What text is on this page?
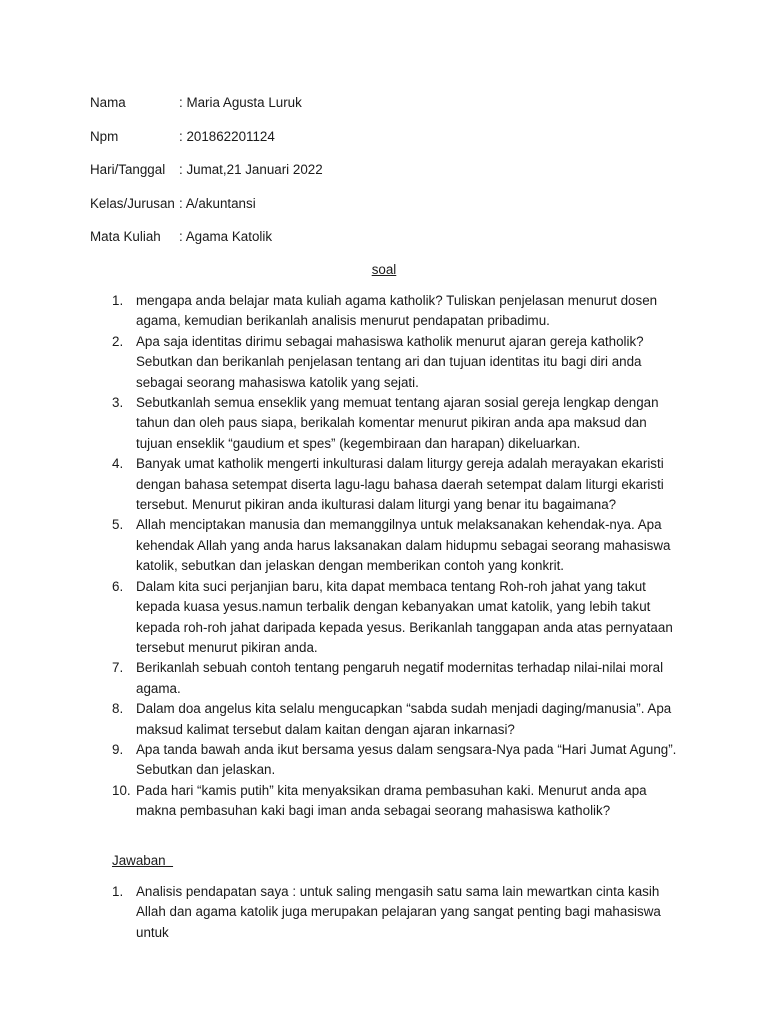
Nama	: Maria Agusta Luruk
Npm	: 201862201124
Hari/Tanggal	: Jumat,21 Januari 2022
Kelas/Jurusan : A/akuntansi
Mata Kuliah	: Agama Katolik
soal
1. mengapa anda belajar mata kuliah agama katholik? Tuliskan penjelasan menurut dosen agama, kemudian berikanlah analisis menurut pendapatan pribadimu.
2. Apa saja identitas dirimu sebagai mahasiswa katholik menurut ajaran gereja katholik? Sebutkan dan berikanlah penjelasan tentang ari dan tujuan identitas itu bagi diri anda sebagai seorang mahasiswa katolik yang sejati.
3. Sebutkanlah semua enseklik yang memuat tentang ajaran sosial gereja lengkap dengan tahun dan oleh paus siapa, berikalah komentar menurut pikiran anda apa maksud dan tujuan enseklik “gaudium et spes” (kegembiraan dan harapan) dikeluarkan.
4. Banyak umat katholik mengerti inkulturasi dalam liturgy gereja adalah merayakan ekaristi dengan bahasa setempat diserta lagu-lagu bahasa daerah setempat dalam liturgi ekaristi tersebut. Menurut pikiran anda ikulturasi dalam liturgi yang benar itu bagaimana?
5. Allah menciptakan manusia dan memanggilnya untuk melaksanakan kehendak-nya. Apa kehendak Allah yang anda harus laksanakan dalam hidupmu sebagai seorang mahasiswa katolik, sebutkan dan jelaskan dengan memberikan contoh yang konkrit.
6. Dalam kita suci perjanjian baru, kita dapat membaca tentang Roh-roh jahat yang takut kepada kuasa yesus.namun terbalik dengan kebanyakan umat katolik, yang lebih takut kepada roh-roh jahat daripada kepada yesus. Berikanlah tanggapan anda atas pernyataan tersebut menurut pikiran anda.
7. Berikanlah sebuah contoh tentang pengaruh negatif modernitas terhadap nilai-nilai moral agama.
8. Dalam doa angelus kita selalu mengucapkan “sabda sudah menjadi daging/manusia”. Apa maksud kalimat tersebut dalam kaitan dengan ajaran inkarnasi?
9. Apa tanda bawah anda ikut bersama yesus dalam sengsara-Nya pada “Hari Jumat Agung”. Sebutkan dan jelaskan.
10. Pada hari “kamis putih” kita menyaksikan drama pembasuhan kaki. Menurut anda apa makna pembasuhan kaki bagi iman anda sebagai seorang mahasiswa katholik?
Jawaban
1. Analisis pendapatan saya : untuk saling mengasih satu sama lain mewartkan cinta kasih Allah dan agama katolik juga merupakan pelajaran yang sangat penting bagi mahasiswa untuk
